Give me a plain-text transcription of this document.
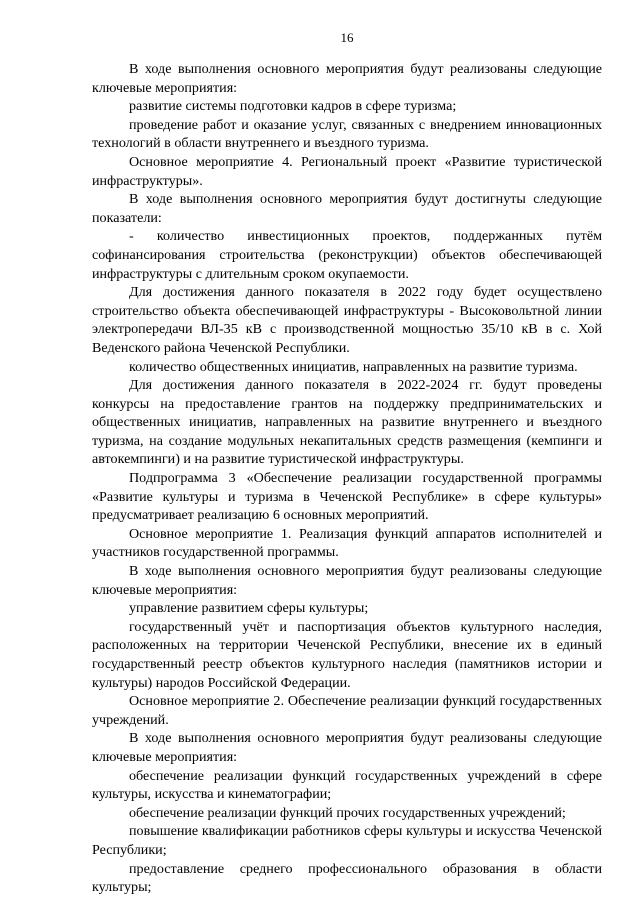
16

В ходе выполнения основного мероприятия будут реализованы следующие ключевые мероприятия:

развитие системы подготовки кадров в сфере туризма;

проведение работ и оказание услуг, связанных с внедрением инновационных технологий в области внутреннего и въездного туризма.

Основное мероприятие 4. Региональный проект «Развитие туристической инфраструктуры».

В ходе выполнения основного мероприятия будут достигнуты следующие показатели:

- количество инвестиционных проектов, поддержанных путём софинансирования строительства (реконструкции) объектов обеспечивающей инфраструктуры с длительным сроком окупаемости.

Для достижения данного показателя в 2022 году будет осуществлено строительство объекта обеспечивающей инфраструктуры - Высоковольтной линии электропередачи ВЛ-35 кВ с производственной мощностью 35/10 кВ в с. Хой Веденского района Чеченской Республики.

количество общественных инициатив, направленных на развитие туризма.

Для достижения данного показателя в 2022-2024 гг. будут проведены конкурсы на предоставление грантов на поддержку предпринимательских и общественных инициатив, направленных на развитие внутреннего и въездного туризма, на создание модульных некапитальных средств размещения (кемпинги и автокемпинги) и на развитие туристической инфраструктуры.

Подпрограмма 3 «Обеспечение реализации государственной программы «Развитие культуры и туризма в Чеченской Республике» в сфере культуры» предусматривает реализацию 6 основных мероприятий.

Основное мероприятие 1. Реализация функций аппаратов исполнителей и участников государственной программы.

В ходе выполнения основного мероприятия будут реализованы следующие ключевые мероприятия:

управление развитием сферы культуры;

государственный учёт и паспортизация объектов культурного наследия, расположенных на территории Чеченской Республики, внесение их в единый государственный реестр объектов культурного наследия (памятников истории и культуры) народов Российской Федерации.

Основное мероприятие 2. Обеспечение реализации функций государственных учреждений.

В ходе выполнения основного мероприятия будут реализованы следующие ключевые мероприятия:

обеспечение реализации функций государственных учреждений в сфере культуры, искусства и кинематографии;

обеспечение реализации функций прочих государственных учреждений;

повышение квалификации работников сферы культуры и искусства Чеченской Республики;

предоставление среднего профессионального образования в области культуры;
